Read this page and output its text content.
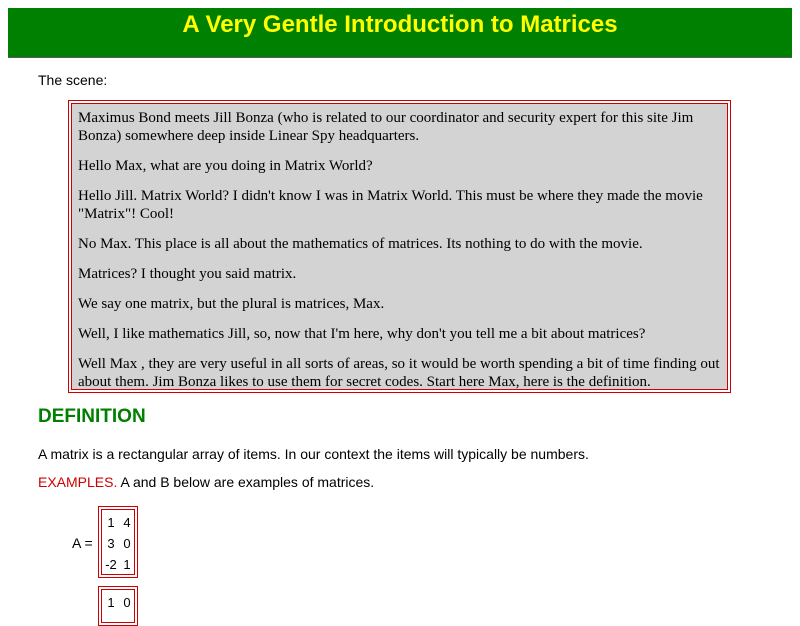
A Very Gentle Introduction to Matrices
The scene:

Maximus Bond meets Jill Bonza (who is related to our coordinator and security expert for this site Jim Bonza) somewhere deep inside Linear Spy headquarters.

Hello Max, what are you doing in Matrix World?

Hello Jill. Matrix World? I didn't know I was in Matrix World. This must be where they made the movie "Matrix"! Cool!

No Max. This place is all about the mathematics of matrices. Its nothing to do with the movie.

Matrices? I thought you said matrix.

We say one matrix, but the plural is matrices, Max.

Well, I like mathematics Jill, so, now that I'm here, why don't you tell me a bit about matrices?

Well Max , they are very useful in all sorts of areas, so it would be worth spending a bit of time finding out about them. Jim Bonza likes to use them for secret codes. Start here Max, here is the definition.

DEFINITION
A matrix is a rectangular array of items. In our context the items will typically be numbers.
EXAMPLES. A and B below are examples of matrices.
A =
1 4
3 0
-2 1
1 0
